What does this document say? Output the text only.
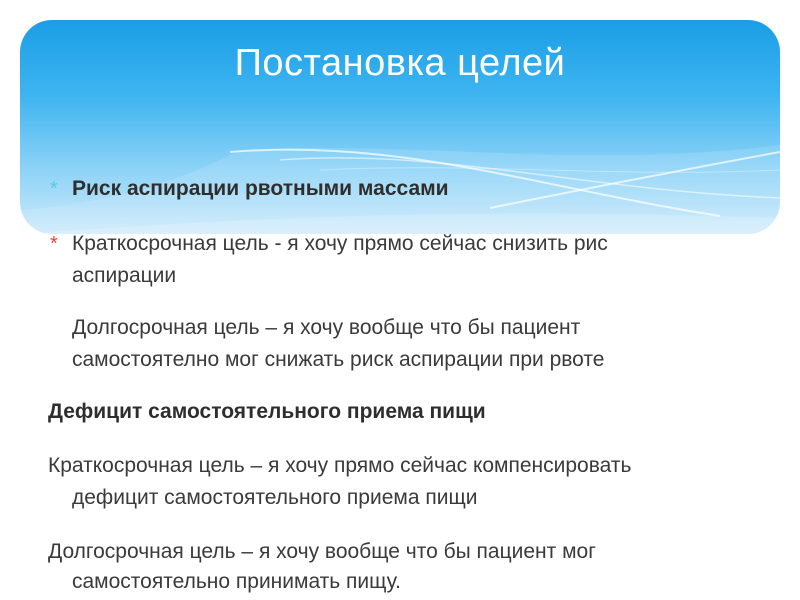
Постановка целей
* Риск аспирации рвотными массами
* Краткосрочная цель - я хочу прямо сейчас снизить рис
аспирации
Долгосрочная цель – я хочу вообще что бы пациент
самостоятелно мог снижать риск аспирации при рвоте
Дефицит самостоятельного приема пищи
Краткосрочная цель – я хочу прямо сейчас компенсировать
дефицит самостоятельного приема пищи
Долгосрочная цель – я хочу вообще что бы пациент мог
самостоятельно принимать пищу.
